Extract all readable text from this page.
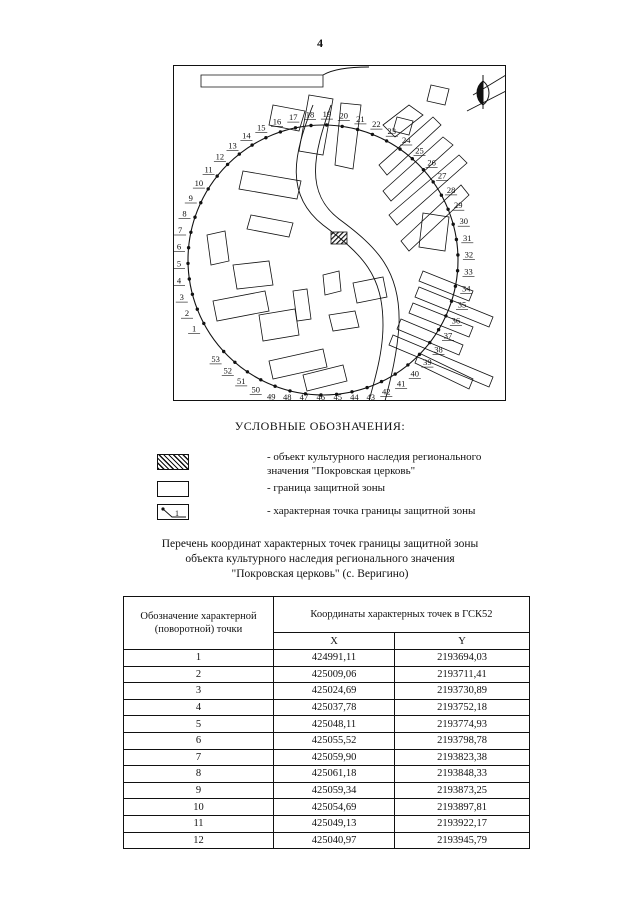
4
1
2
3
4
5
6
7
8
9
10
11
12
13
14
15
16 17 18 19 20 21
22
23
24
25
26
27
28
29
30
31
32
33
34
35
36
37
38
39
40
41
42
43
44
45
46
47
48
49
50
51
52
53
УСЛОВНЫЕ ОБОЗНАЧЕНИЯ:
- объект культурного наследия регионального
значения "Покровская церковь"
- граница защитной зоны
1	- характерная точка границы защитной зоны
Перечень координат характерных точек границы защитной зоны
объекта культурного наследия регионального значения
"Покровская церковь" (с. Веригино)
Обозначение характерной (поворотной) точки	Координаты характерных точек в ГСК52	
	X	Y
1	424991,11	2193694,03
2	425009,06	2193711,41
3	425024,69	2193730,89
4	425037,78	2193752,18
5	425048,11	2193774,93
6	425055,52	2193798,78
7	425059,90	2193823,38
8	425061,18	2193848,33
9	425059,34	2193873,25
10	425054,69	2193897,81
11	425049,13	2193922,17
12	425040,97	2193945,79
